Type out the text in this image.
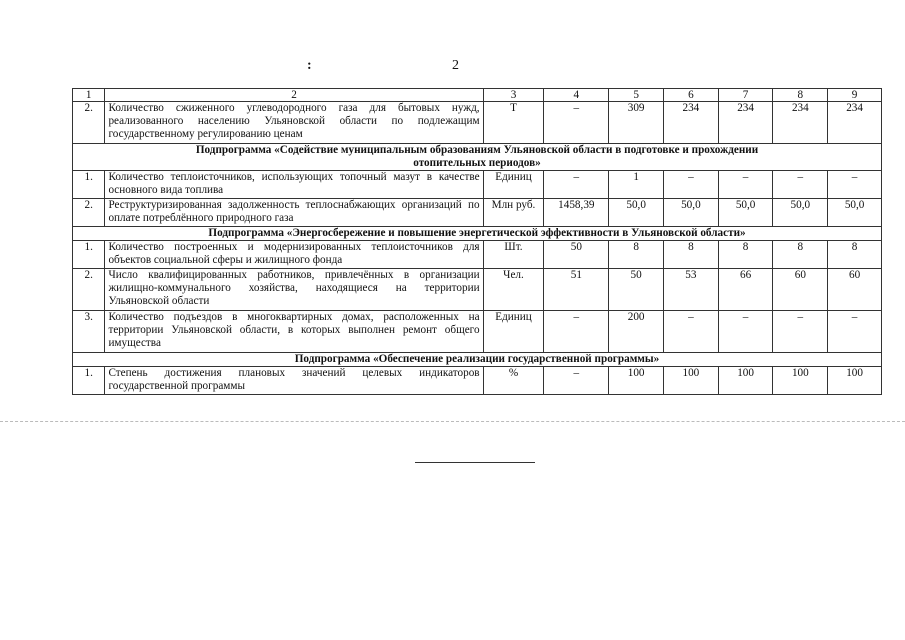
:	2
1	2	3	4	5	6	7	8	9
2.	Количество сжиженного углеводородного газа для бытовых нужд, реализованного населению Ульяновской области по подлежащим государственному регулированию ценам	Т	–	309	234	234	234	234
Подпрограмма «Содействие муниципальным образованиям Ульяновской области в подготовке и прохождении отопительных периодов»								
1.	Количество теплоисточников, использующих топочный мазут в качестве основного вида топлива	Единиц	–	1	–	–	–	–
2.	Реструктуризированная задолженность теплоснабжающих организаций по оплате потреблённого природного газа	Млн руб.	1458,39	50,0	50,0	50,0	50,0	50,0
Подпрограмма «Энергосбережение и повышение энергетической эффективности в Ульяновской области»								
1.	Количество построенных и модернизированных теплоисточников для объектов социальной сферы и жилищного фонда	Шт.	50	8	8	8	8	8
2.	Число квалифицированных работников, привлечённых в организации жилищно-коммунального хозяйства, находящиеся на территории Ульяновской области	Чел.	51	50	53	66	60	60
3.	Количество подъездов в многоквартирных домах, расположенных на территории Ульяновской области, в которых выполнен ремонт общего имущества	Единиц	–	200	–	–	–	–
Подпрограмма «Обеспечение реализации государственной программы»								
1.	Степень достижения плановых значений целевых индикаторов государственной программы	%	–	100	100	100	100	100
